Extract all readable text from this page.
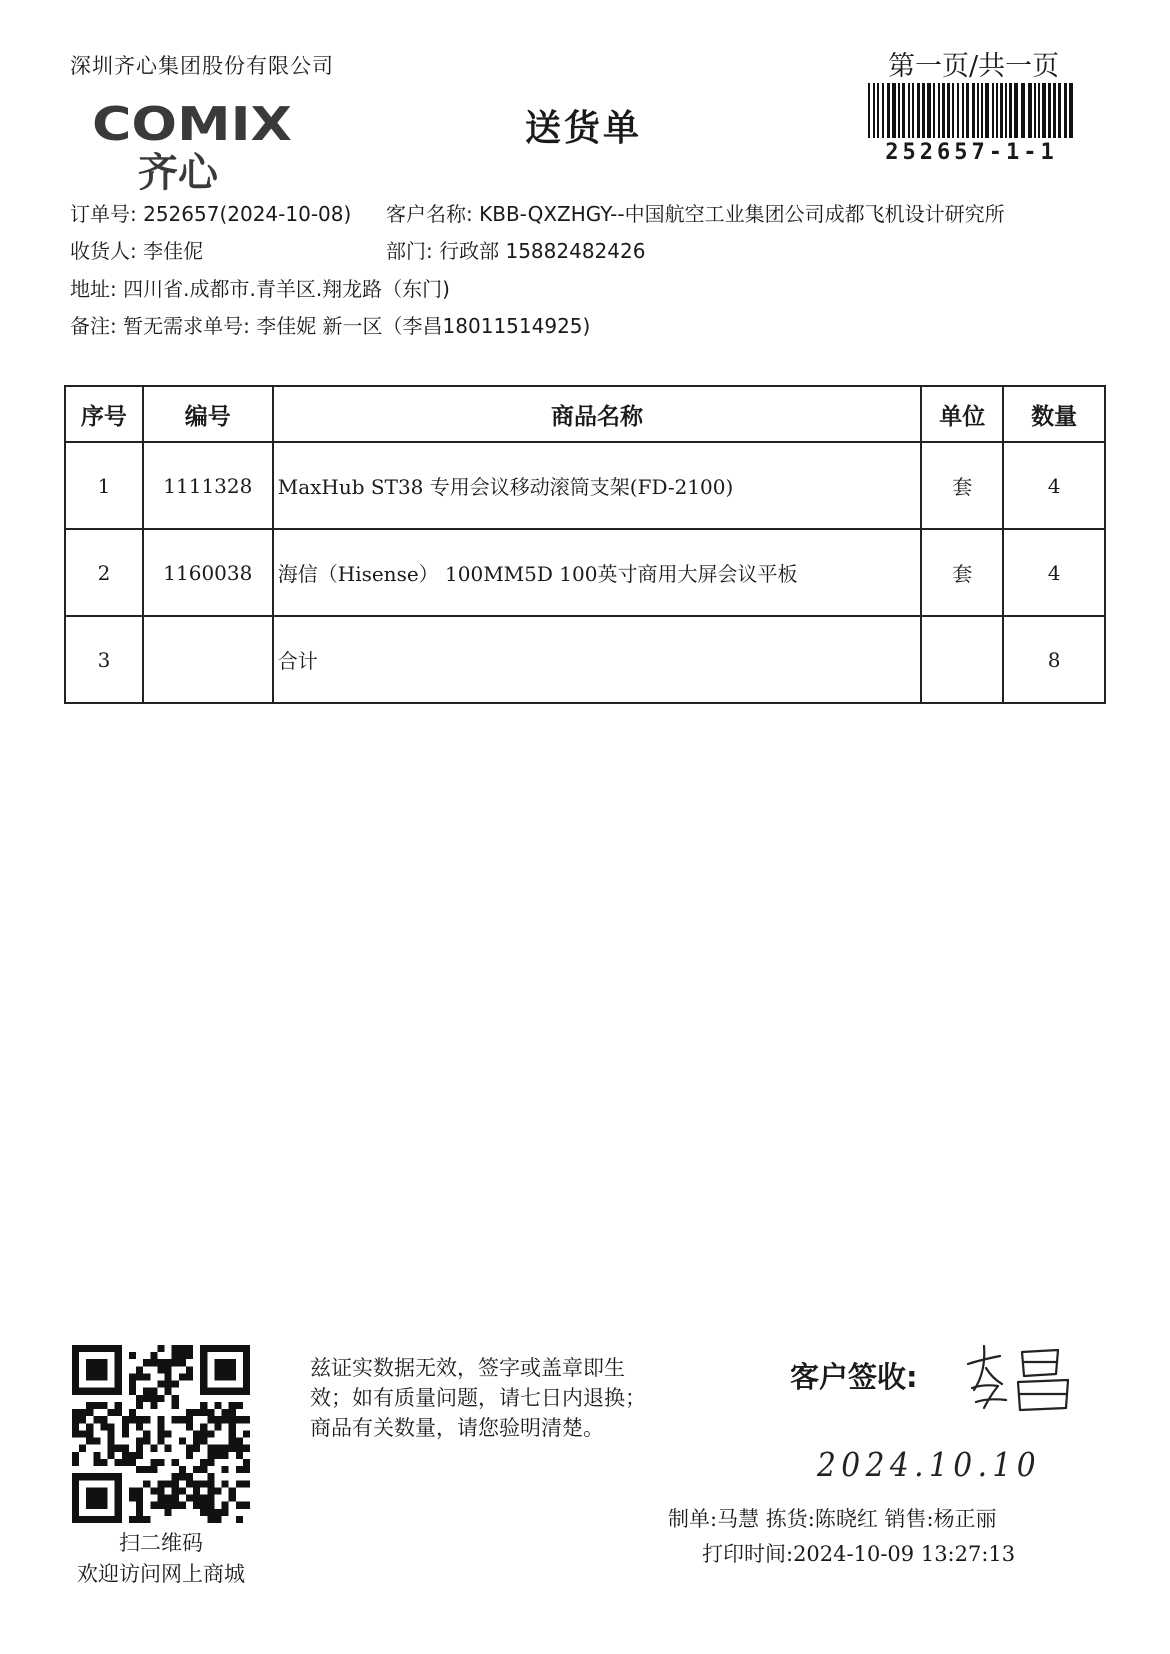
深圳齐心集团股份有限公司	第一页/共一页
252657-1-1
COMIX
齐心
送货单
订单号: 252657(2024-10-08) 客户名称: KBB-QXZHGY--中国航空工业集团公司成都飞机设计研究所
收货人: 李佳伲	部门: 行政部 15882482426
地址: 四川省.成都市.青羊区.翔龙路（东门)
备注: 暂无需求单号: 李佳妮 新一区（李昌18011514925)
序号	编号	商品名称	单位	数量
1	1111328	MaxHub ST38 专用会议移动滚筒支架(FD-2100)	套	4
2	1160038	海信（Hisense） 100MM5D 100英寸商用大屏会议平板	套	4
3		合计		8
扫二维码
欢迎访问网上商城
兹证实数据无效，签字或盖章即生
效；如有质量问题，请七日内退换；
商品有关数量，请您验明清楚。
客户签收:
2024.10.10
制单:马慧 拣货:陈晓红 销售:杨正丽
打印时间:2024-10-09 13:27:13
